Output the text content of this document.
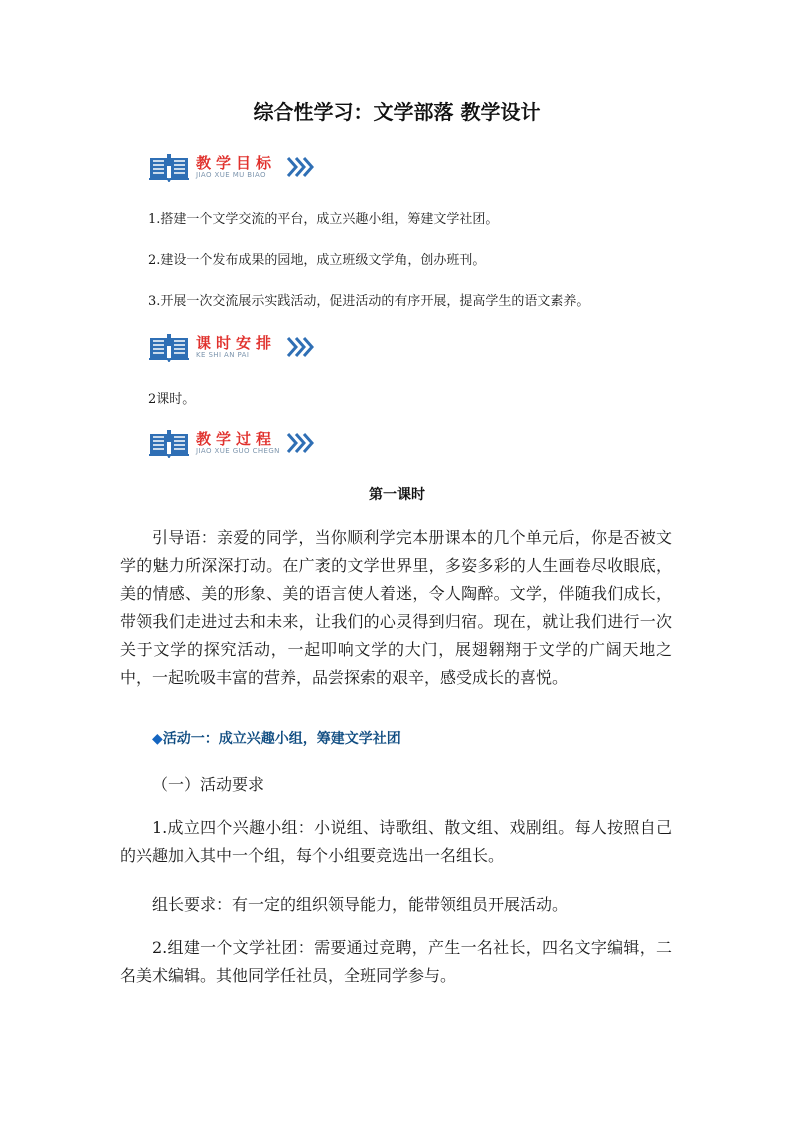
综合性学习：文学部落 教学设计
教学目标
JIAO XUE MU BIAO
1.搭建一个文学交流的平台，成立兴趣小组，筹建文学社团。
2.建设一个发布成果的园地，成立班级文学角，创办班刊。
3.开展一次交流展示实践活动，促进活动的有序开展，提高学生的语文素养。
课时安排
KE SHI AN PAI
2课时。
教学过程
JIAO XUE GUO CHEGN
第一课时

引导语：亲爱的同学，当你顺利学完本册课本的几个单元后，你是否被文学的魅力所深深打动。在广袤的文学世界里，多姿多彩的人生画卷尽收眼底，美的情感、美的形象、美的语言使人着迷，令人陶醉。文学，伴随我们成长，带领我们走进过去和未来，让我们的心灵得到归宿。现在，就让我们进行一次关于文学的探究活动，一起叩响文学的大门，展翅翱翔于文学的广阔天地之中，一起吮吸丰富的营养，品尝探索的艰辛，感受成长的喜悦。

◆活动一：成立兴趣小组，筹建文学社团
（一）活动要求

1.成立四个兴趣小组：小说组、诗歌组、散文组、戏剧组。每人按照自己的兴趣加入其中一个组，每个小组要竞选出一名组长。

组长要求：有一定的组织领导能力，能带领组员开展活动。

2.组建一个文学社团：需要通过竞聘，产生一名社长，四名文字编辑，二名美术编辑。其他同学任社员，全班同学参与。
